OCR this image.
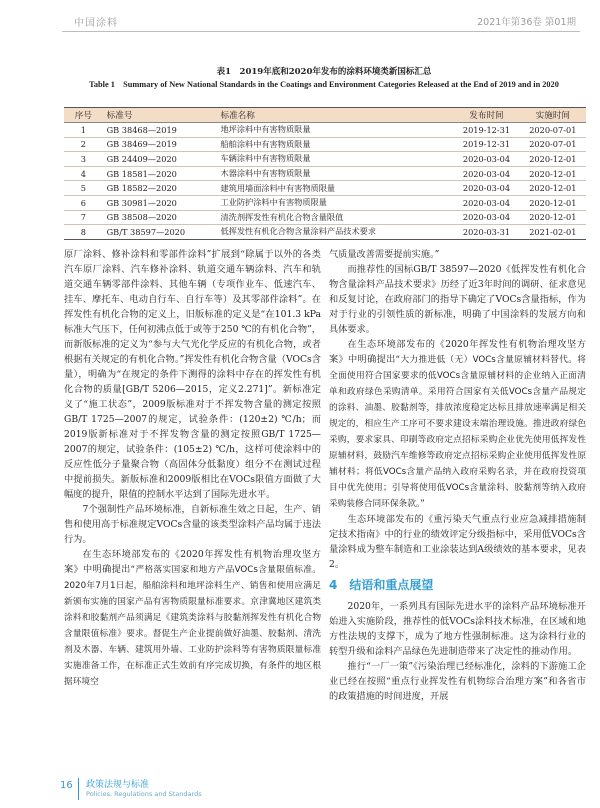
中国涂料	2021年第36卷 第01期
表1　2019年底和2020年发布的涂料环境类新国标汇总
Table 1　Summary of New National Standards in the Coatings and Environment Categories Released at the End of 2019 and in 2020
序号	标准号	标准名称	发布时间	实施时间
1	GB 38468—2019	地坪涂料中有害物质限量	2019-12-31	2020-07-01
2	GB 38469—2019	船舶涂料中有害物质限量	2019-12-31	2020-07-01
3	GB 24409—2020	车辆涂料中有害物质限量	2020-03-04	2020-12-01
4	GB 18581—2020	木器涂料中有害物质限量	2020-03-04	2020-12-01
5	GB 18582—2020	建筑用墙面涂料中有害物质限量	2020-03-04	2020-12-01
6	GB 30981—2020	工业防护涂料中有害物质限量	2020-03-04	2020-12-01
7	GB 38508—2020	清洗剂挥发性有机化合物含量限值	2020-03-04	2020-12-01
8	GB/T 38597—2020	低挥发性有机化合物含量涂料产品技术要求	2020-03-31	2021-02-01

原厂涂料、修补涂料和零部件涂料”扩展到“除属于以外的各类汽车原厂涂料、汽车修补涂料、轨道交通车辆涂料、汽车和轨道交通车辆零部件涂料、其他车辆（专项作业车、低速汽车、挂车、摩托车、电动自行车、自行车等）及其零部件涂料”。在挥发性有机化合物的定义上，旧版标准的定义是“在101.3 kPa标准大气压下，任何初沸点低于或等于250 ℃的有机化合物”，而新版标准的定义为“参与大气光化学反应的有机化合物，或者根据有关规定的有机化合物。”挥发性有机化合物含量（VOCs含量），明确为“在规定的条件下测得的涂料中存在的挥发性有机化合物的质量[GB/T 5206—2015，定义2.271]”。新标准定义了“施工状态”，2009版标准对于不挥发物含量的测定按照GB/T 1725—2007的规定，试验条件：(120±2) ℃/h；而2019版新标准对于不挥发物含量的测定按照GB/T 1725—2007的规定，试验条件：(105±2) ℃/h，这样可使涂料中的反应性低分子量聚合物（高固体分低黏度）组分不在测试过程中提前损失。新版标准和2009版相比在VOCs限值方面做了大幅度的提升，限值的控制水平达到了国际先进水平。

7个强制性产品环境标准，自新标准生效之日起，生产、销售和使用高于标准规定VOCs含量的该类型涂料产品均属于违法行为。

在生态环境部发布的《2020年挥发性有机物治理攻坚方案》中明确提出“严格落实国家和地方产品VOCs含量限值标准。2020年7月1日起，船舶涂料和地坪涂料生产、销售和使用应满足新颁布实施的国家产品有害物质限量标准要求。京津冀地区建筑类涂料和胶黏剂产品须满足《建筑类涂料与胶黏剂挥发性有机化合物含量限值标准》要求。督促生产企业提前做好油墨、胶黏剂、清洗剂及木器、车辆、建筑用外墙、工业防护涂料等有害物质限量标准实施准备工作，在标准正式生效前有序完成切换，有条件的地区根据环境空

气质量改善需要提前实施。”

而推荐性的国标GB/T 38597—2020《低挥发性有机化合物含量涂料产品技术要求》历经了近3年时间的调研、征求意见和反复讨论，在政府部门的指导下确定了VOCs含量指标，作为对于行业的引领性质的新标准，明确了中国涂料的发展方向和具体要求。

在生态环境部发布的《2020年挥发性有机物治理攻坚方案》中明确提出“大力推进低（无）VOCs含量原辅材料替代。将全面使用符合国家要求的低VOCs含量原辅材料的企业纳入正面清单和政府绿色采购清单。采用符合国家有关低VOCs含量产品规定的涂料、油墨、胶黏剂等，排放浓度稳定达标且排放速率满足相关规定的，相应生产工序可不要求建设末端治理设施。推进政府绿色采购，要求家具、印刷等政府定点招标采购企业优先使用低挥发性原辅材料，鼓励汽车维修等政府定点招标采购企业使用低挥发性原辅材料；将低VOCs含量产品纳入政府采购名录，并在政府投资项目中优先使用；引导将使用低VOCs含量涂料、胶黏剂等纳入政府采购装修合同环保条款。”

生态环境部发布的《重污染天气重点行业应急减排措施制定技术指南》中的行业的绩效评定分级指标中，采用低VOCs含量涂料成为整车制造和工业涂装达到A级绩效的基本要求，见表2。

4 结语和重点展望

2020年，一系列具有国际先进水平的涂料产品环境标准开始进入实施阶段，推荐性的低VOCs涂料技术标准，在区域和地方性法规的支撑下，成为了地方性强制标准。这为涂料行业的转型升级和涂料产品绿色先进制造带来了决定性的推动作用。

推行“一厂一策”《污染治理已经标准化，涂料的下游施工企业已经在按照“重点行业挥发性有机物综合治理方案”和各省市的政策措施的时间进度，开展

16 政策法规与标准
Policies, Regulations and Standards
